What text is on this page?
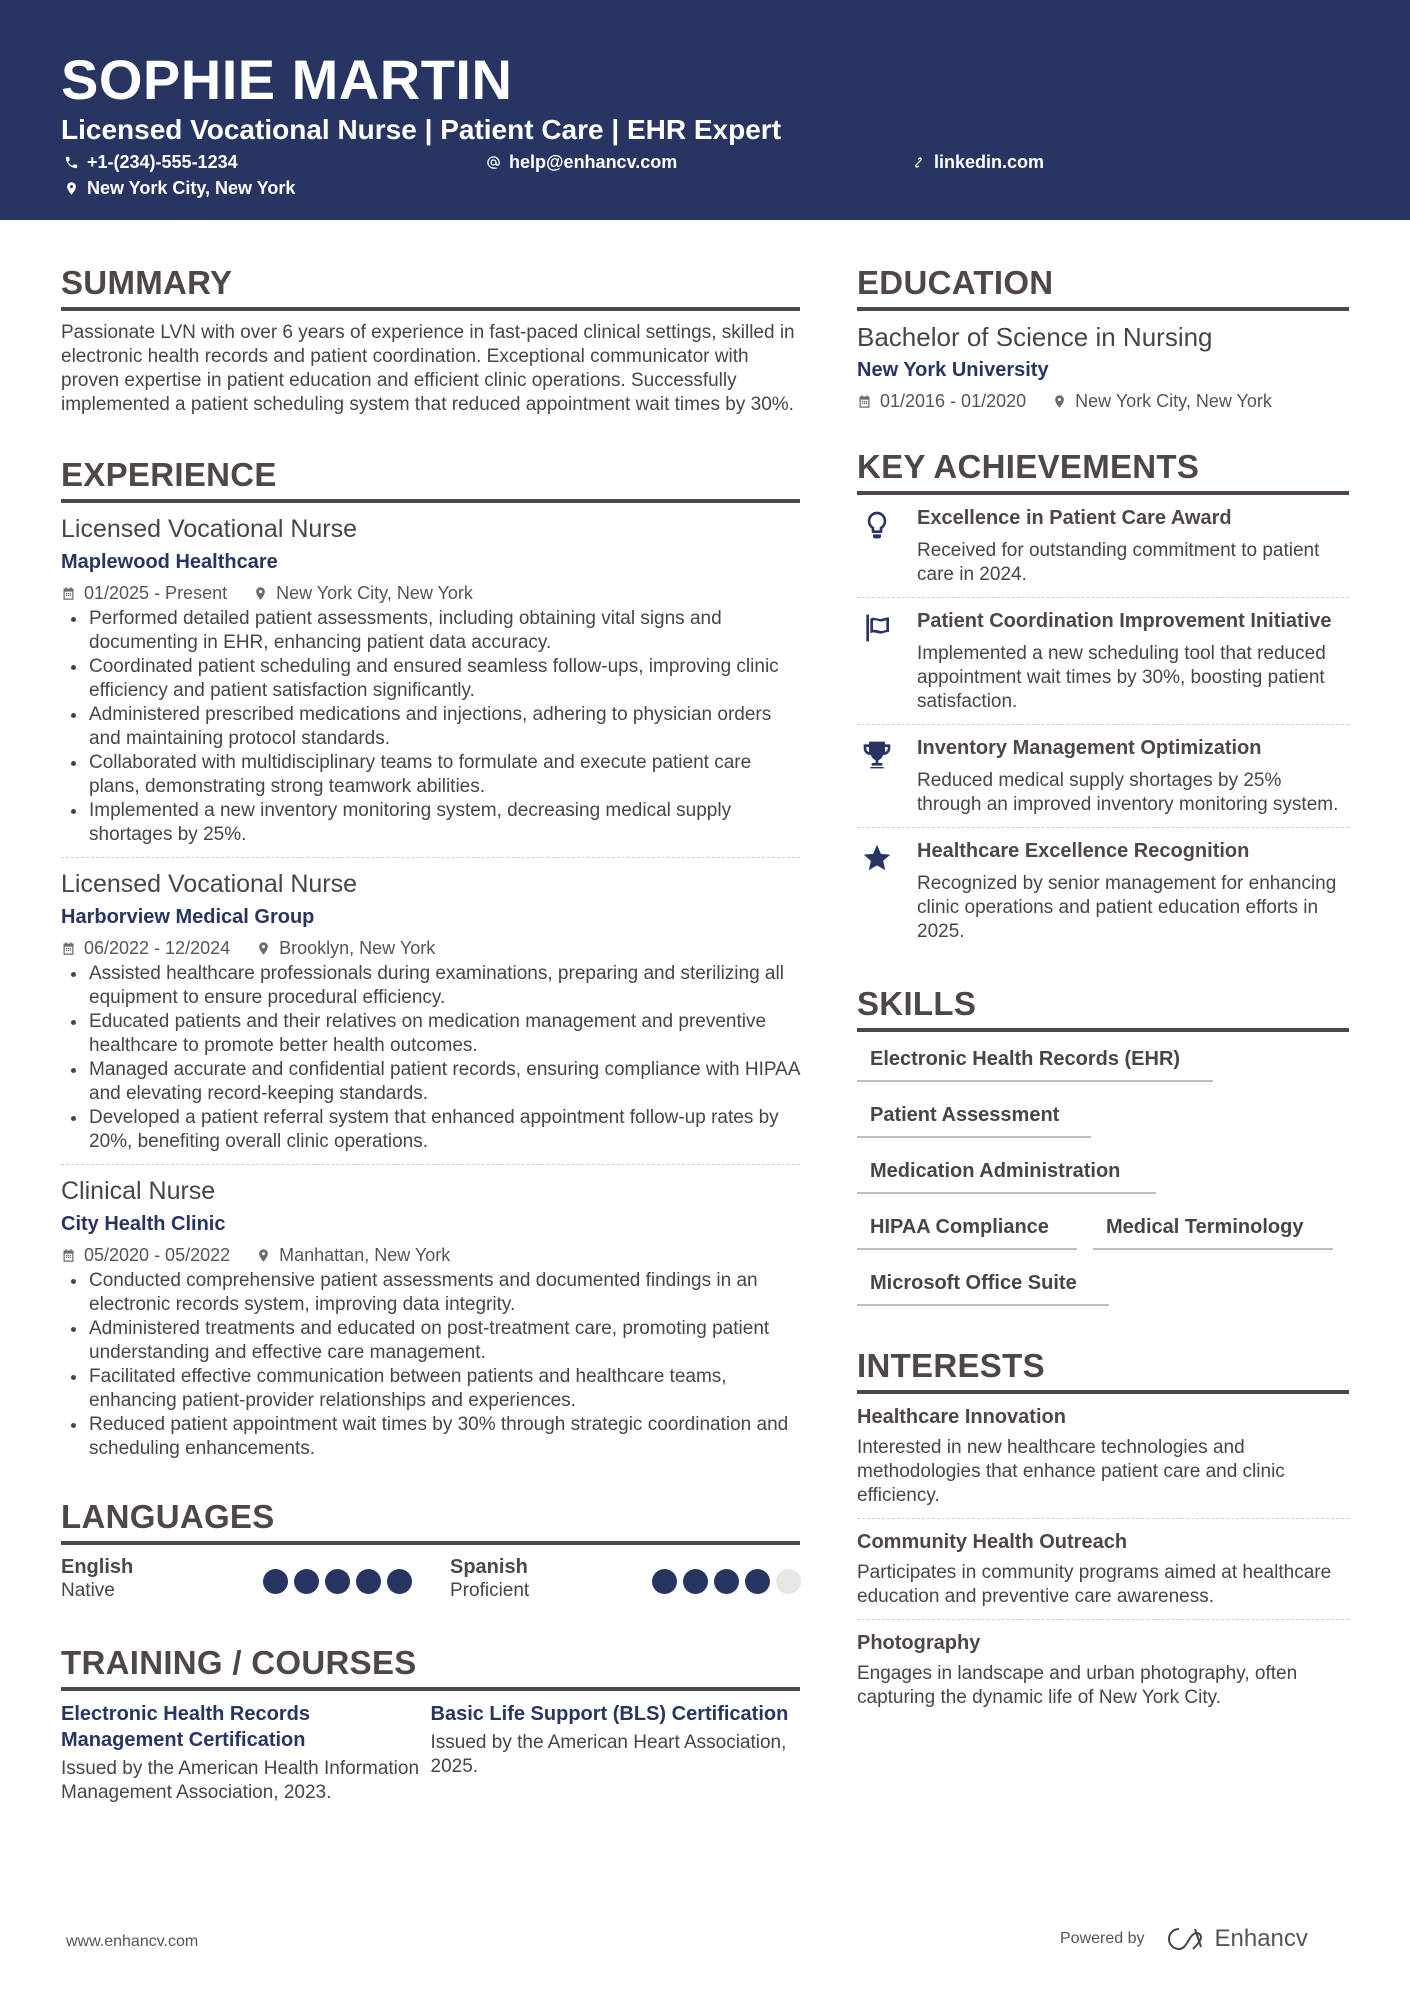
SOPHIE MARTIN
Licensed Vocational Nurse | Patient Care | EHR Expert
+1-(234)-555-1234	help@enhancv.com	linkedin.com
New York City, New York
SUMMARY
Passionate LVN with over 6 years of experience in fast-paced clinical settings, skilled in electronic health records and patient coordination. Exceptional communicator with proven expertise in patient education and efficient clinic operations. Successfully implemented a patient scheduling system that reduced appointment wait times by 30%.
EXPERIENCE
Licensed Vocational Nurse
Maplewood Healthcare
01/2025 - Present	New York City, New York
Performed detailed patient assessments, including obtaining vital signs and documenting in EHR, enhancing patient data accuracy.
Coordinated patient scheduling and ensured seamless follow-ups, improving clinic efficiency and patient satisfaction significantly.
Administered prescribed medications and injections, adhering to physician orders and maintaining protocol standards.
Collaborated with multidisciplinary teams to formulate and execute patient care plans, demonstrating strong teamwork abilities.
Implemented a new inventory monitoring system, decreasing medical supply shortages by 25%.
Licensed Vocational Nurse
Harborview Medical Group
06/2022 - 12/2024	Brooklyn, New York
Assisted healthcare professionals during examinations, preparing and sterilizing all equipment to ensure procedural efficiency.
Educated patients and their relatives on medication management and preventive healthcare to promote better health outcomes.
Managed accurate and confidential patient records, ensuring compliance with HIPAA and elevating record-keeping standards.
Developed a patient referral system that enhanced appointment follow-up rates by 20%, benefiting overall clinic operations.
Clinical Nurse
City Health Clinic
05/2020 - 05/2022	Manhattan, New York
Conducted comprehensive patient assessments and documented findings in an electronic records system, improving data integrity.
Administered treatments and educated on post-treatment care, promoting patient understanding and effective care management.
Facilitated effective communication between patients and healthcare teams, enhancing patient-provider relationships and experiences.
Reduced patient appointment wait times by 30% through strategic coordination and scheduling enhancements.
LANGUAGES
English
Native
Spanish
Proficient
TRAINING / COURSES
Electronic Health Records Management Certification
Issued by the American Health Information Management Association, 2023.
Basic Life Support (BLS) Certification
Issued by the American Heart Association, 2025.
EDUCATION
Bachelor of Science in Nursing
New York University
01/2016 - 01/2020	New York City, New York
KEY ACHIEVEMENTS
Excellence in Patient Care Award
Received for outstanding commitment to patient care in 2024.
Patient Coordination Improvement Initiative
Implemented a new scheduling tool that reduced appointment wait times by 30%, boosting patient satisfaction.
Inventory Management Optimization
Reduced medical supply shortages by 25% through an improved inventory monitoring system.
Healthcare Excellence Recognition
Recognized by senior management for enhancing clinic operations and patient education efforts in 2025.
SKILLS
Electronic Health Records (EHR)
Patient Assessment
Medication Administration
HIPAA Compliance	Medical Terminology
Microsoft Office Suite
INTERESTS
Healthcare Innovation
Interested in new healthcare technologies and methodologies that enhance patient care and clinic efficiency.
Community Health Outreach
Participates in community programs aimed at healthcare education and preventive care awareness.
Photography
Engages in landscape and urban photography, often capturing the dynamic life of New York City.
www.enhancv.com	Powered by	Enhancv
